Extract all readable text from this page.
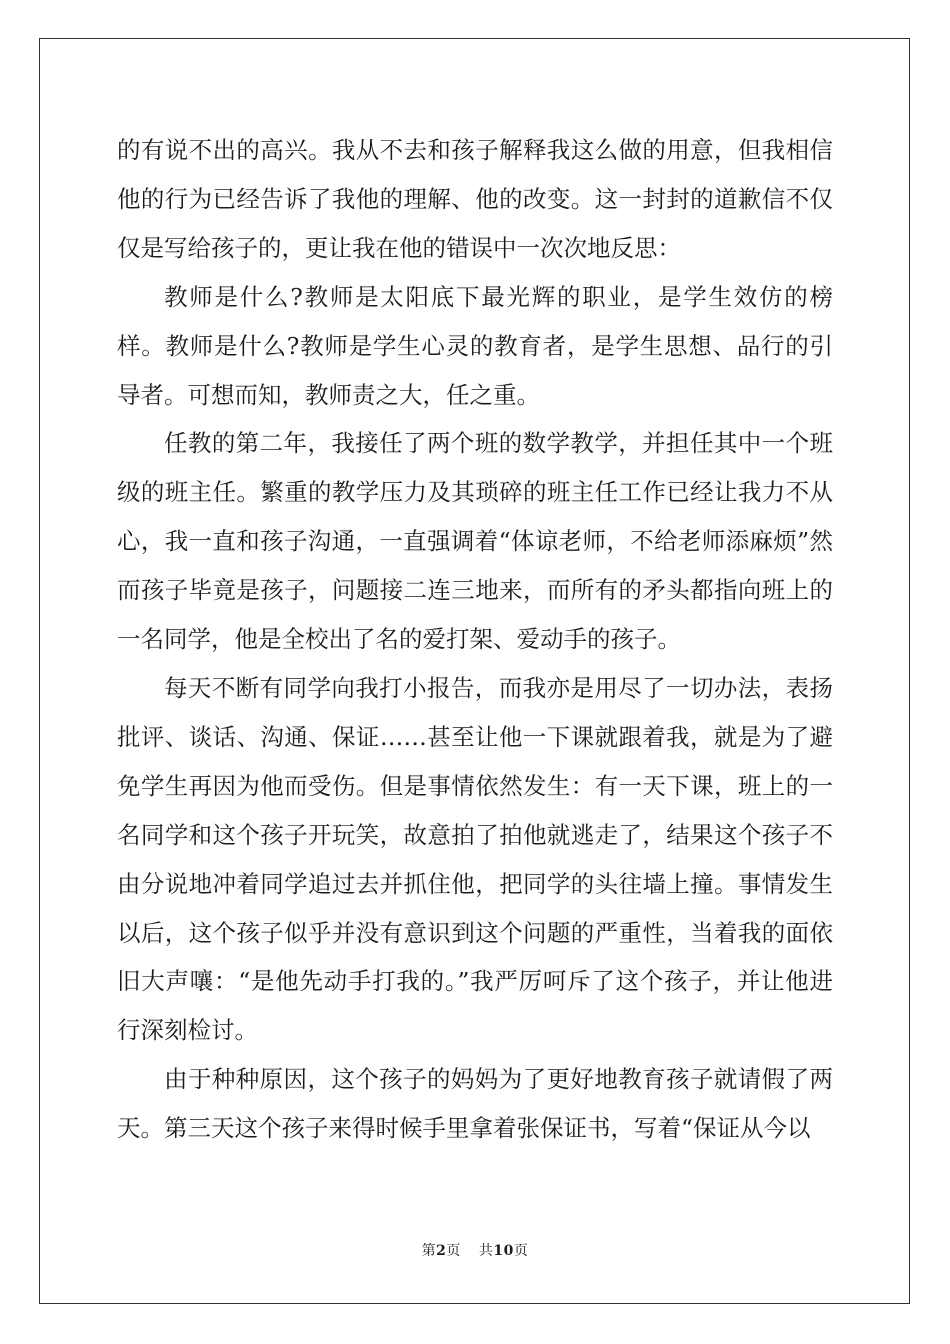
的有说不出的高兴。我从不去和孩子解释我这么做的用意，但我相信他的行为已经告诉了我他的理解、他的改变。这一封封的道歉信不仅仅是写给孩子的，更让我在他的错误中一次次地反思：

教师是什么?教师是太阳底下最光辉的职业，是学生效仿的榜样。教师是什么?教师是学生心灵的教育者，是学生思想、品行的引导者。可想而知，教师责之大，任之重。

任教的第二年，我接任了两个班的数学教学，并担任其中一个班级的班主任。繁重的教学压力及其琐碎的班主任工作已经让我力不从心，我一直和孩子沟通，一直强调着“体谅老师，不给老师添麻烦”然而孩子毕竟是孩子，问题接二连三地来，而所有的矛头都指向班上的一名同学，他是全校出了名的爱打架、爱动手的孩子。

每天不断有同学向我打小报告，而我亦是用尽了一切办法，表扬批评、谈话、沟通、保证……甚至让他一下课就跟着我，就是为了避免学生再因为他而受伤。但是事情依然发生：有一天下课，班上的一名同学和这个孩子开玩笑，故意拍了拍他就逃走了，结果这个孩子不由分说地冲着同学追过去并抓住他，把同学的头往墙上撞。事情发生以后，这个孩子似乎并没有意识到这个问题的严重性，当着我的面依旧大声嚷：“是他先动手打我的。”我严厉呵斥了这个孩子，并让他进行深刻检讨。

由于种种原因，这个孩子的妈妈为了更好地教育孩子就请假了两天。第三天这个孩子来得时候手里拿着张保证书，写着“保证从今以

第2页 共10页
